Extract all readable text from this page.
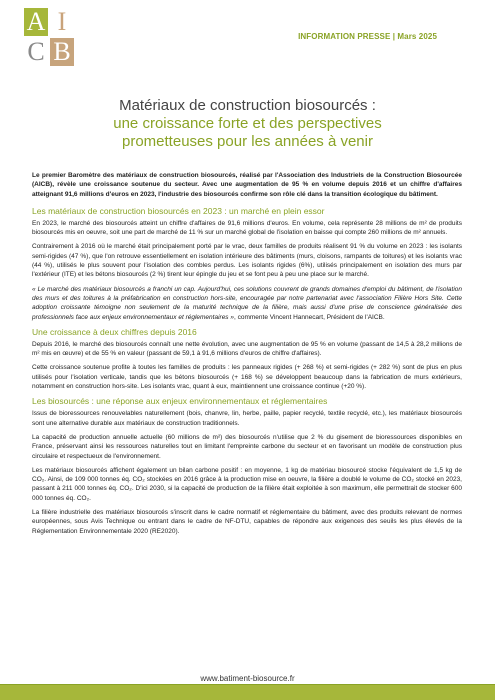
A I
C B
INFORMATION PRESSE | Mars 2025
Matériaux de construction biosourcés :
une croissance forte et des perspectives
prometteuses pour les années à venir

Le premier Baromètre des matériaux de construction biosourcés, réalisé par l'Association des Industriels de la Construction Biosourcée (AICB), révèle une croissance soutenue du secteur. Avec une augmentation de 95 % en volume depuis 2016 et un chiffre d'affaires atteignant 91,6 millions d'euros en 2023, l'industrie des biosourcés confirme son rôle clé dans la transition écologique du bâtiment.

Les matériaux de construction biosourcés en 2023 : un marché en plein essor

En 2023, le marché des biosourcés atteint un chiffre d'affaires de 91,6 millions d'euros. En volume, cela représente 28 millions de m² de produits biosourcés mis en oeuvre, soit une part de marché de 11 % sur un marché global de l'isolation en baisse qui compte 260 millions de m² annuels.

Contrairement à 2016 où le marché était principalement porté par le vrac, deux familles de produits réalisent 91 % du volume en 2023 : les isolants semi-rigides (47 %), que l'on retrouve essentiellement en isolation intérieure des bâtiments (murs, cloisons, rampants de toitures) et les isolants vrac (44 %), utilisés le plus souvent pour l'isolation des combles perdus. Les isolants rigides (6%), utilisés principalement en isolation des murs par l'extérieur (ITE) et les bétons biosourcés (2 %) tirent leur épingle du jeu et se font peu à peu une place sur le marché.

« Le marché des matériaux biosourcés a franchi un cap. Aujourd'hui, ces solutions couvrent de grands domaines d'emploi du bâtiment, de l'isolation des murs et des toitures à la préfabrication en construction hors-site, encouragée par notre partenariat avec l'association Filière Hors Site. Cette adoption croissante témoigne non seulement de la maturité technique de la filière, mais aussi d'une prise de conscience généralisée des professionnels face aux enjeux environnementaux et réglementaires », commente Vincent Hannecart, Président de l'AICB.

Une croissance à deux chiffres depuis 2016

Depuis 2016, le marché des biosourcés connaît une nette évolution, avec une augmentation de 95 % en volume (passant de 14,5 à 28,2 millions de m² mis en œuvre) et de 55 % en valeur (passant de 59,1 à 91,6 millions d'euros de chiffre d'affaires).

Cette croissance soutenue profite à toutes les familles de produits : les panneaux rigides (+ 268 %) et semi-rigides (+ 282 %) sont de plus en plus utilisés pour l'isolation verticale, tandis que les bétons biosourcés (+ 168 %) se développent beaucoup dans la fabrication de murs extérieurs, notamment en construction hors-site. Les isolants vrac, quant à eux, maintiennent une croissance continue (+20 %).

Les biosourcés : une réponse aux enjeux environnementaux et réglementaires

Issus de bioressources renouvelables naturellement (bois, chanvre, lin, herbe, paille, papier recyclé, textile recyclé, etc.), les matériaux biosourcés sont une alternative durable aux matériaux de construction traditionnels.

La capacité de production annuelle actuelle (60 millions de m²) des biosourcés n'utilise que 2 % du gisement de bioressources disponibles en France, préservant ainsi les ressources naturelles tout en limitant l'empreinte carbone du secteur et en favorisant un modèle de construction plus circulaire et respectueux de l'environnement.

Les matériaux biosourcés affichent également un bilan carbone positif : en moyenne, 1 kg de matériau biosourcé stocke l'équivalent de 1,5 kg de CO₂. Ainsi, de 109 000 tonnes éq. CO₂ stockées en 2016 grâce à la production mise en oeuvre, la filière a doublé le volume de CO₂ stocké en 2023, passant à 211 000 tonnes éq. CO₂. D'ici 2030, si la capacité de production de la filière était exploitée à son maximum, elle permettrait de stocker 600 000 tonnes éq. CO₂.

La filière industrielle des matériaux biosourcés s'inscrit dans le cadre normatif et réglementaire du bâtiment, avec des produits relevant de normes européennes, sous Avis Technique ou entrant dans le cadre de NF-DTU, capables de répondre aux exigences des seuils les plus élevés de la Réglementation Environnementale 2020 (RE2020).

www.batiment-biosource.fr
